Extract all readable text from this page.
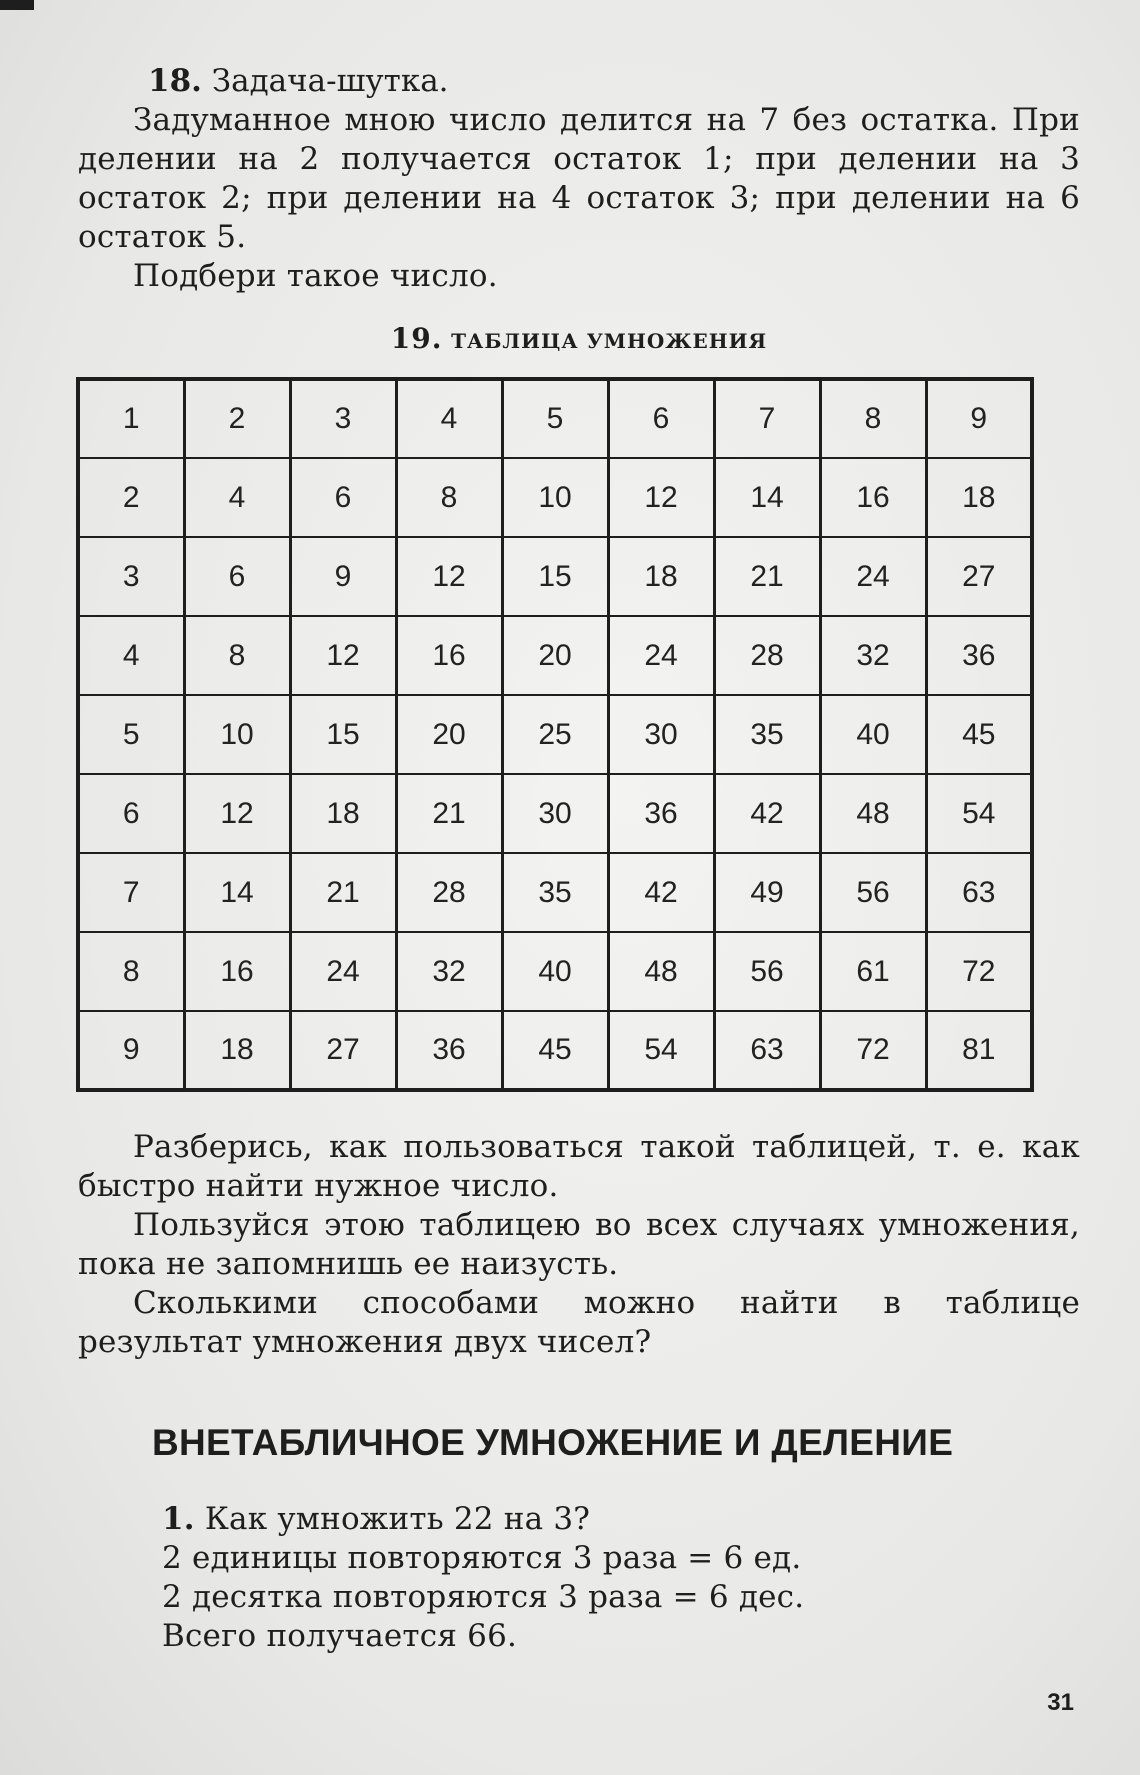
18. Задача-шутка.

Задуманное мною число делится на 7 без остатка. При делении на 2 получается остаток 1; при делении на 3 остаток 2; при делении на 4 остаток 3; при делении на 6 остаток 5.

Подбери такое число.

19. ТАБЛИЦА УМНОЖЕНИЯ
1	2	3	4	5	6	7	8	9
2	4	6	8	10	12	14	16	18
3	6	9	12	15	18	21	24	27
4	8	12	16	20	24	28	32	36
5	10	15	20	25	30	35	40	45
6	12	18	21	30	36	42	48	54
7	14	21	28	35	42	49	56	63
8	16	24	32	40	48	56	61	72
9	18	27	36	45	54	63	72	81

Разберись, как пользоваться такой таблицей, т. е. как быстро найти нужное число.

Пользуйся этою таблицею во всех случаях умножения, пока не запомнишь ее наизусть.

Сколькими способами можно найти в таблице результат умножения двух чисел?

ВНЕТАБЛИЧНОЕ УМНОЖЕНИЕ И ДЕЛЕНИЕ

1. Как умножить 22 на 3?

2 единицы повторяются 3 раза = 6 ед.

2 десятка повторяются 3 раза = 6 дес.

Всего получается 66.

31
